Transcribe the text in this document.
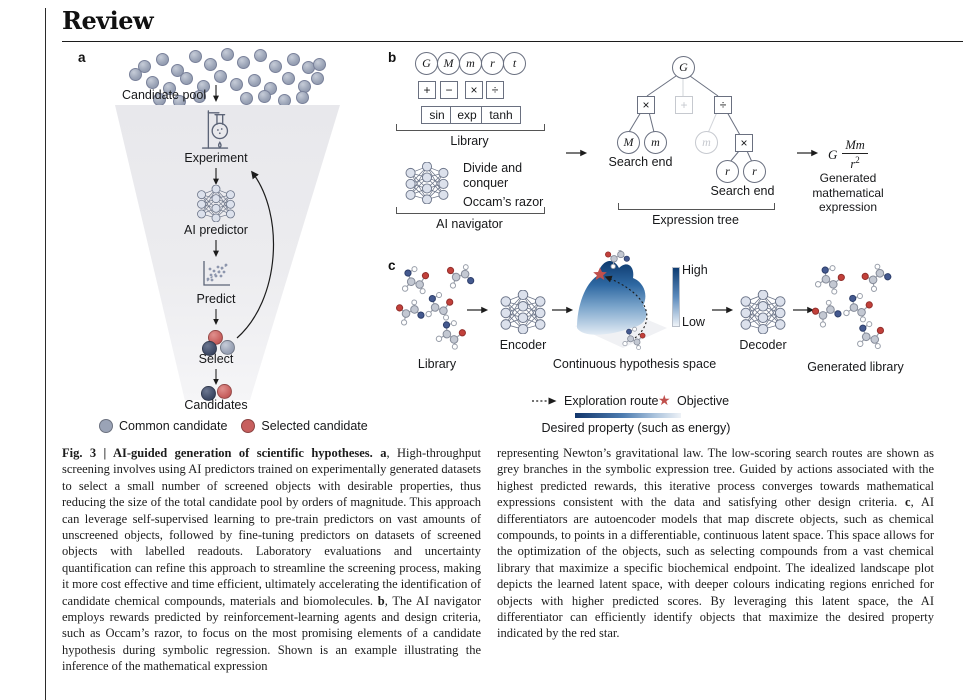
Review
a
Candidate pool
Experiment
AI predictor
Predict
Select
Candidates
Common candidate	Selected candidate
b	G	M	m	r	t
+	−	×	÷
sin	exp	tanh
Library
Divide and conquer
Occam’s razor
AI navigator
G
×	+	÷
M	m	m	×
r	r
Search end
Search end
Expression tree
G $\frac{Mm}{r^2}$
Generated mathematical expression
c
Library
Encoder
High
Low
Continuous hypothesis space
Decoder
Generated library
Exploration route ★ Objective
Desired property (such as energy)
Fig. 3 | AI-guided generation of scientific hypotheses. a, High-throughput screening involves using AI predictors trained on experimentally generated datasets to select a small number of screened objects with desirable properties, thus reducing the size of the total candidate pool by orders of magnitude. This approach can leverage self-supervised learning to pre-train predictors on vast amounts of unscreened objects, followed by fine-tuning predictors on datasets of screened objects with labelled readouts. Laboratory evaluations and uncertainty quantification can refine this approach to streamline the screening process, making it more cost effective and time efficient, ultimately accelerating the identification of candidate chemical compounds, materials and biomolecules. b, The AI navigator employs rewards predicted by reinforcement-learning agents and design criteria, such as Occam’s razor, to focus on the most promising elements of a candidate hypothesis during symbolic regression. Shown is an example illustrating the inference of the mathematical expression
representing Newton’s gravitational law. The low-scoring search routes are shown as grey branches in the symbolic expression tree. Guided by actions associated with the highest predicted rewards, this iterative process converges towards mathematical expressions consistent with the data and satisfying other design criteria. c, AI differentiators are autoencoder models that map discrete objects, such as chemical compounds, to points in a differentiable, continuous latent space. This space allows for the optimization of the objects, such as selecting compounds from a vast chemical library that maximize a specific biochemical endpoint. The idealized landscape plot depicts the learned latent space, with deeper colours indicating regions enriched for objects with higher predicted scores. By leveraging this latent space, the AI differentiator can efficiently identify objects that maximize the desired property indicated by the red star.
